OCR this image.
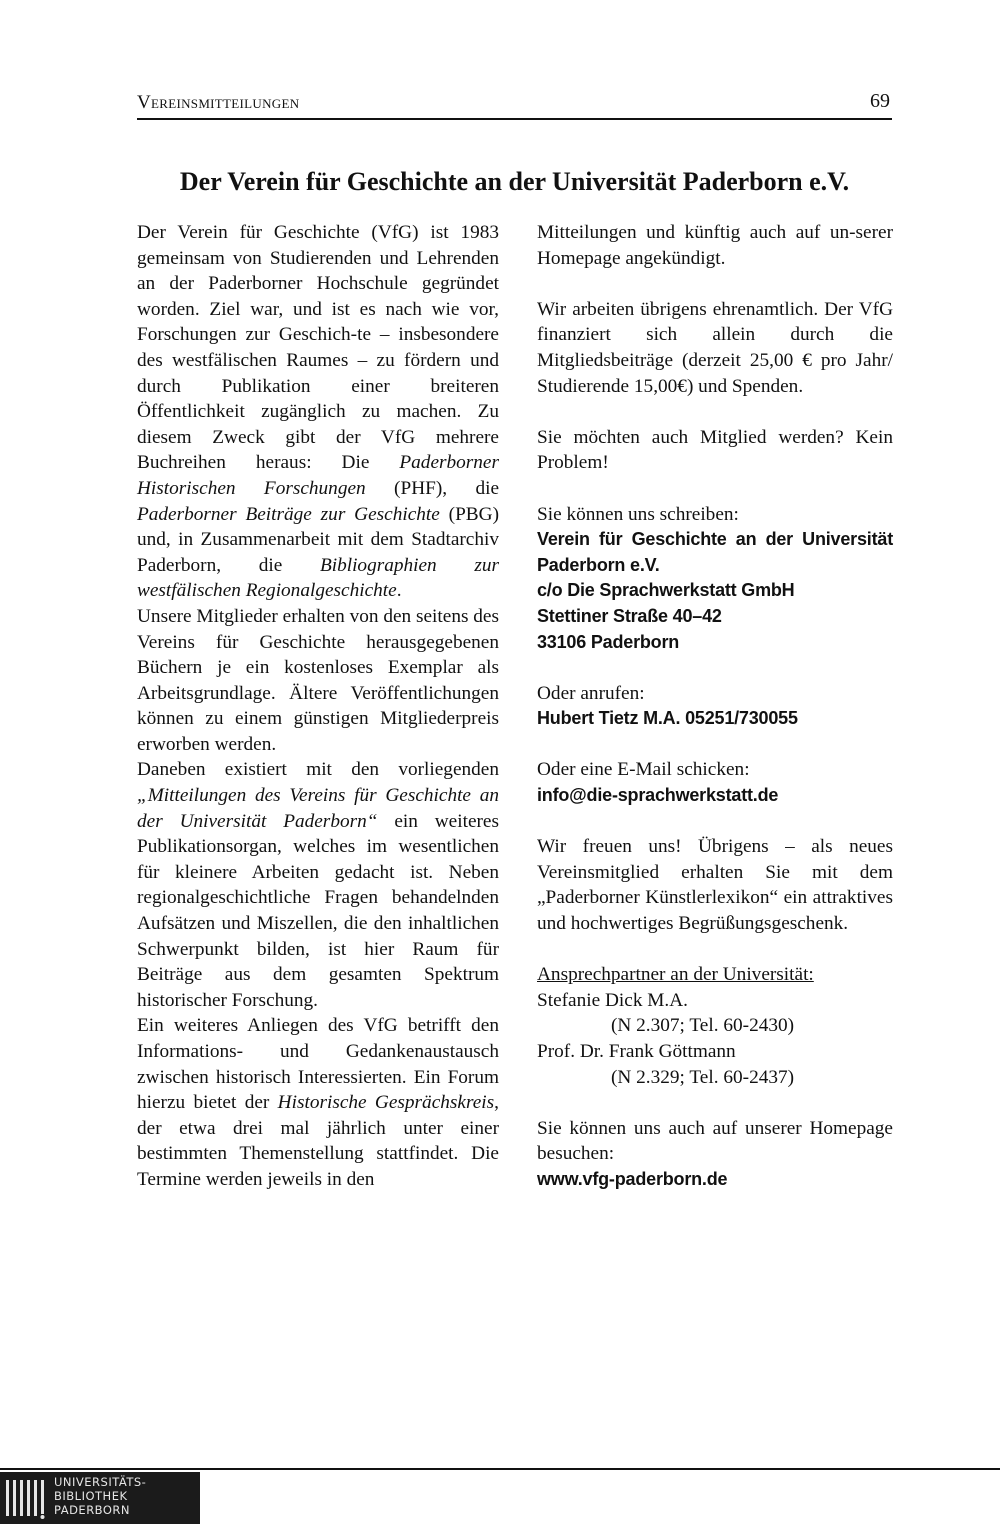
Vereinsmitteilungen	69
Der Verein für Geschichte an der Universität Paderborn e.V.

Der Verein für Geschichte (VfG) ist 1983 gemeinsam von Studierenden und Lehrenden an der Paderborner Hochschule gegründet worden. Ziel war, und ist es nach wie vor, Forschungen zur Geschich-te – insbesondere des westfälischen Raumes – zu fördern und durch Publikation einer breiteren Öffentlichkeit zugänglich zu machen. Zu diesem Zweck gibt der VfG mehrere Buchreihen heraus: Die Paderborner Historischen Forschungen (PHF), die Paderborner Beiträge zur Geschichte (PBG) und, in Zusammenarbeit mit dem Stadtarchiv Paderborn, die Bibliographien zur westfälischen Regionalgeschichte.

Unsere Mitglieder erhalten von den seitens des Vereins für Geschichte herausgegebenen Büchern je ein kostenloses Exemplar als Arbeitsgrundlage. Ältere Veröffentlichungen können zu einem günstigen Mitgliederpreis erworben werden.

Daneben existiert mit den vorliegenden „Mitteilungen des Vereins für Geschichte an der Universität Paderborn“ ein weiteres Publikationsorgan, welches im wesentlichen für kleinere Arbeiten gedacht ist. Neben regionalgeschichtliche Fragen behandelnden Aufsätzen und Miszellen, die den inhaltlichen Schwerpunkt bilden, ist hier Raum für Beiträge aus dem gesamten Spektrum historischer Forschung.

Ein weiteres Anliegen des VfG betrifft den Informations- und Gedankenaustausch zwischen historisch Interessierten. Ein Forum hierzu bietet der Historische Gesprächskreis, der etwa drei mal jährlich unter einer bestimmten Themenstellung stattfindet. Die Termine werden jeweils in den

Mitteilungen und künftig auch auf un-serer Homepage angekündigt.

Wir arbeiten übrigens ehrenamtlich. Der VfG finanziert sich allein durch die Mitgliedsbeiträge (derzeit 25,00 € pro Jahr/ Studierende 15,00€) und Spenden.

Sie möchten auch Mitglied werden? Kein Problem!

Sie können uns schreiben:
Verein für Geschichte an der Universität Paderborn e.V.
c/o Die Sprachwerkstatt GmbH
Stettiner Straße 40–42
33106 Paderborn

Oder anrufen:
Hubert Tietz M.A. 05251/730055

Oder eine E-Mail schicken:
info@die-sprachwerkstatt.de

Wir freuen uns! Übrigens – als neues Vereinsmitglied erhalten Sie mit dem „Paderborner Künstlerlexikon“ ein attraktives und hochwertiges Begrüßungsgeschenk.

Ansprechpartner an der Universität:
Stefanie Dick M.A.
(N 2.307; Tel. 60-2430)
Prof. Dr. Frank Göttmann
(N 2.329; Tel. 60-2437)

Sie können uns auch auf unserer Homepage besuchen:
www.vfg-paderborn.de

UNIVERSITÄTS-
BIBLIOTHEK
PADERBORN
